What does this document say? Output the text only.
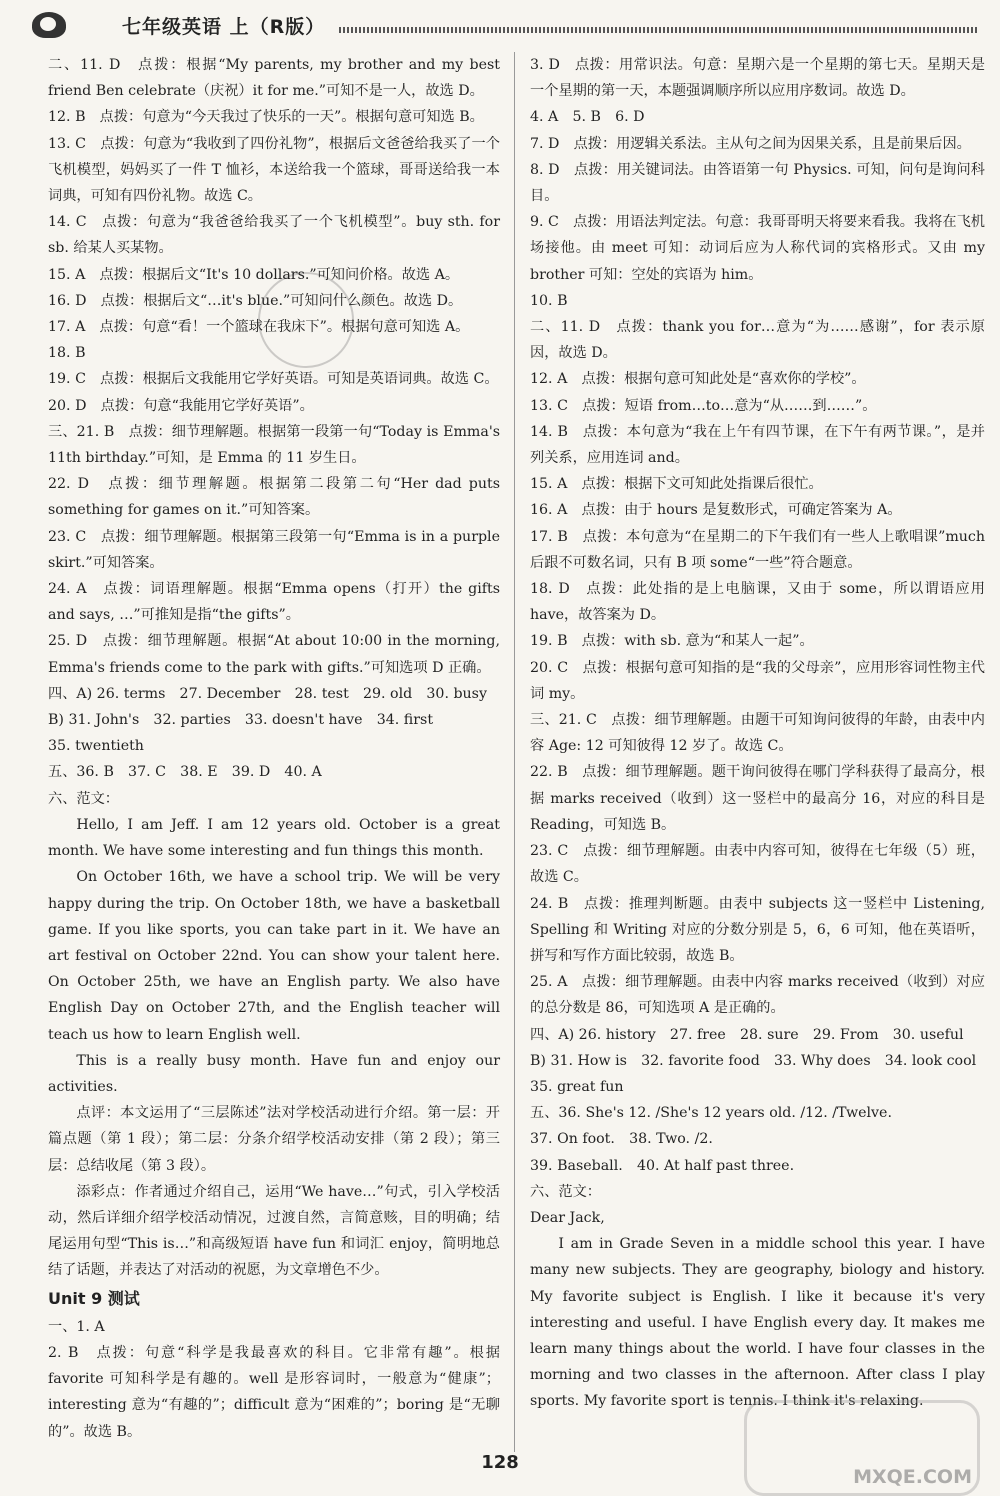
七年级英语 上（R版）

二、11. D　点拨：根据“My parents, my brother and my best friend Ben celebrate（庆祝）it for me.”可知不是一人，故选 D。

12. B　点拨：句意为“今天我过了快乐的一天”。根据句意可知选 B。

13. C　点拨：句意为“我收到了四份礼物”，根据后文爸爸给我买了一个飞机模型，妈妈买了一件 T 恤衫，本送给我一个篮球，哥哥送给我一本词典，可知有四份礼物。故选 C。

14. C　点拨：句意为“我爸爸给我买了一个飞机模型”。buy sth. for sb. 给某人买某物。

15. A　点拨：根据后文“It's 10 dollars.”可知问价格。故选 A。

16. D　点拨：根据后文“…it's blue.”可知问什么颜色。故选 D。

17. A　点拨：句意“看！一个篮球在我床下”。根据句意可知选 A。

18. B

19. C　点拨：根据后文我能用它学好英语。可知是英语词典。故选 C。

20. D　点拨：句意“我能用它学好英语”。

三、21. B　点拨：细节理解题。根据第一段第一句“Today is Emma's 11th birthday.”可知，是 Emma 的 11 岁生日。

22. D　点拨：细节理解题。根据第二段第二句“Her dad puts something for games on it.”可知答案。

23. C　点拨：细节理解题。根据第三段第一句“Emma is in a purple skirt.”可知答案。

24. A　点拨：词语理解题。根据“Emma opens（打开）the gifts and says, …”可推知是指“the gifts”。

25. D　点拨：细节理解题。根据“At about 10:00 in the morning, Emma's friends come to the park with gifts.”可知选项 D 正确。

四、A) 26. terms　27. December　28. test　29. old　30. busy

B) 31. John's　32. parties　33. doesn't have　34. first

35. twentieth

五、36. B　37. C　38. E　39. D　40. A

六、范文：

Hello, I am Jeff. I am 12 years old. October is a great month. We have some interesting and fun things this month.

On October 16th, we have a school trip. We will be very happy during the trip. On October 18th, we have a basketball game. If you like sports, you can take part in it. We have an art festival on October 22nd. You can show your talent here. On October 25th, we have an English party. We also have English Day on October 27th, and the English teacher will teach us how to learn English well.

This is a really busy month. Have fun and enjoy our activities.

点评：本文运用了“三层陈述”法对学校活动进行介绍。第一层：开篇点题（第 1 段）；第二层：分条介绍学校活动安排（第 2 段）；第三层：总结收尾（第 3 段）。

添彩点：作者通过介绍自己，运用“We have…”句式，引入学校活动，然后详细介绍学校活动情况，过渡自然，言简意赅，目的明确；结尾运用句型“This is…”和高级短语 have fun 和词汇 enjoy，简明地总结了话题，并表达了对活动的祝愿，为文章增色不少。

Unit 9 测试

一、1. A

2. B　点拨：句意“科学是我最喜欢的科目。它非常有趣”。根据 favorite 可知科学是有趣的。well 是形容词时，一般意为“健康”；interesting 意为“有趣的”；difficult 意为“困难的”；boring 是“无聊的”。故选 B。

3. D　点拨：用常识法。句意：星期六是一个星期的第七天。星期天是一个星期的第一天，本题强调顺序所以应用序数词。故选 D。

4. A　5. B　6. D

7. D　点拨：用逻辑关系法。主从句之间为因果关系，且是前果后因。

8. D　点拨：用关键词法。由答语第一句 Physics. 可知，问句是询问科目。

9. C　点拨：用语法判定法。句意：我哥哥明天将要来看我。我将在飞机场接他。由 meet 可知：动词后应为人称代词的宾格形式。又由 my brother 可知：空处的宾语为 him。

10. B

二、11. D　点拨：thank you for…意为“为……感谢”，for 表示原因，故选 D。

12. A　点拨：根据句意可知此处是“喜欢你的学校”。

13. C　点拨：短语 from…to…意为“从……到……”。

14. B　点拨：本句意为“我在上午有四节课，在下午有两节课。”，是并列关系，应用连词 and。

15. A　点拨：根据下文可知此处指课后很忙。

16. A　点拨：由于 hours 是复数形式，可确定答案为 A。

17. B　点拨：本句意为“在星期二的下午我们有一些人上歌唱课”much 后跟不可数名词，只有 B 项 some“一些”符合题意。

18. D　点拨：此处指的是上电脑课，又由于 some，所以谓语应用 have，故答案为 D。

19. B　点拨：with sb. 意为“和某人一起”。

20. C　点拨：根据句意可知指的是“我的父母亲”，应用形容词性物主代词 my。

三、21. C　点拨：细节理解题。由题干可知询问彼得的年龄，由表中内容 Age: 12 可知彼得 12 岁了。故选 C。

22. B　点拨：细节理解题。题干询问彼得在哪门学科获得了最高分，根据 marks received（收到）这一竖栏中的最高分 16，对应的科目是 Reading，可知选 B。

23. C　点拨：细节理解题。由表中内容可知，彼得在七年级（5）班，故选 C。

24. B　点拨：推理判断题。由表中 subjects 这一竖栏中 Listening, Spelling 和 Writing 对应的分数分别是 5，6，6 可知，他在英语听，拼写和写作方面比较弱，故选 B。

25. A　点拨：细节理解题。由表中内容 marks received（收到）对应的总分数是 86，可知选项 A 是正确的。

四、A) 26. history　27. free　28. sure　29. From　30. useful

B) 31. How is　32. favorite food　33. Why does　34. look cool

35. great fun

五、36. She's 12. /She's 12 years old. /12. /Twelve.

37. On foot.　38. Two. /2.

39. Baseball.　40. At half past three.

六、范文：

Dear Jack,

I am in Grade Seven in a middle school this year. I have many new subjects. They are geography, biology and history. My favorite subject is English. I like it because it's very interesting and useful. I have English every day. It makes me learn many things about the world. I have four classes in the morning and two classes in the afternoon. After class I play sports. My favorite sport is tennis. I think it's relaxing.

128
MXQE.COM
